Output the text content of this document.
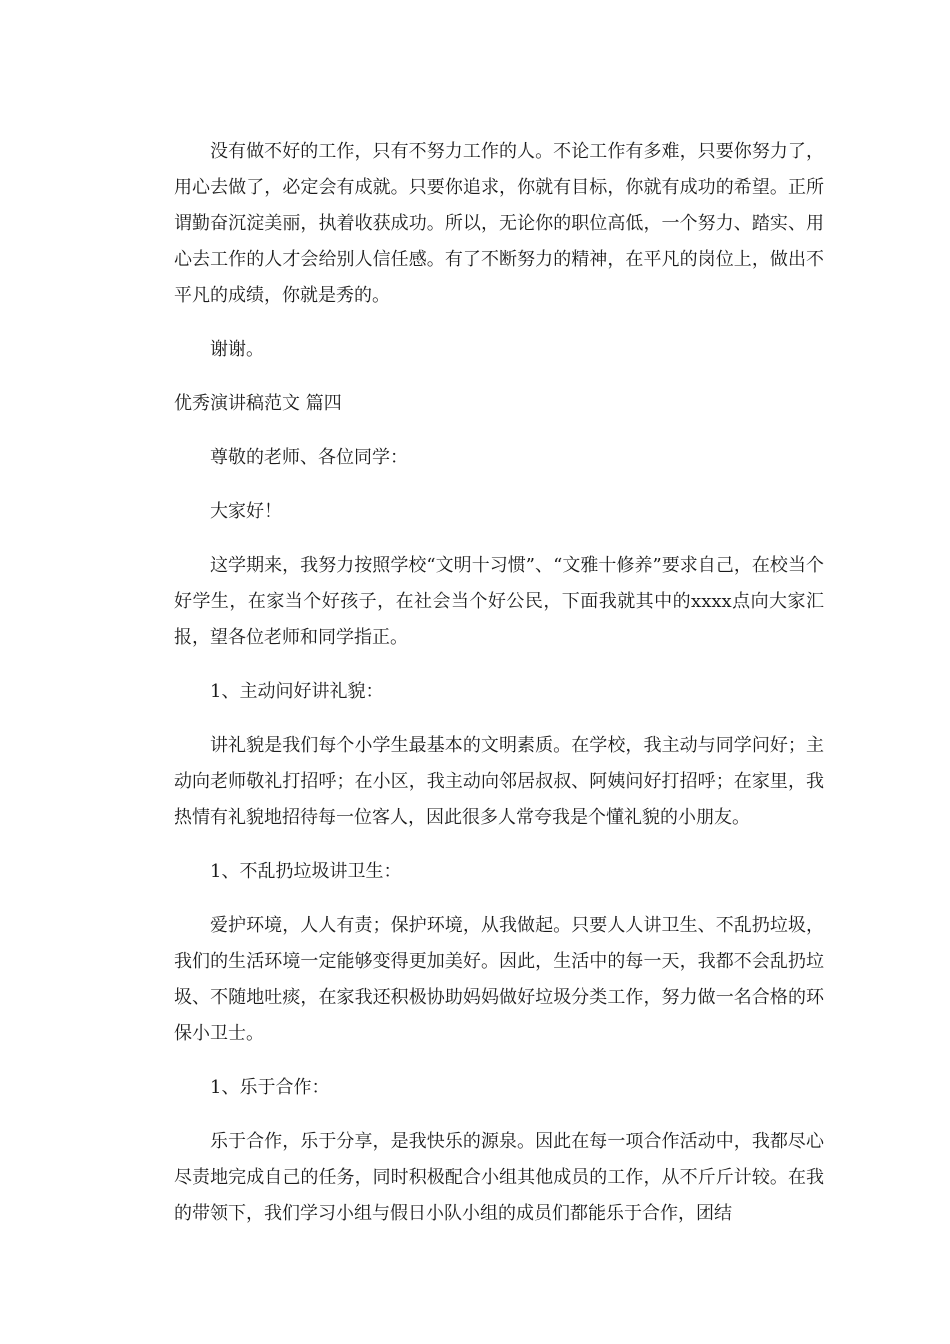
没有做不好的工作，只有不努力工作的人。不论工作有多难，只要你努力了，用心去做了，必定会有成就。只要你追求，你就有目标，你就有成功的希望。正所谓勤奋沉淀美丽，执着收获成功。所以，无论你的职位高低，一个努力、踏实、用心去工作的人才会给别人信任感。有了不断努力的精神，在平凡的岗位上，做出不平凡的成绩，你就是秀的。

谢谢。

优秀演讲稿范文 篇四

尊敬的老师、各位同学：

大家好！

这学期来，我努力按照学校“文明十习惯”、“文雅十修养”要求自己，在校当个好学生，在家当个好孩子，在社会当个好公民，下面我就其中的xxxx点向大家汇报，望各位老师和同学指正。

1、主动问好讲礼貌：

讲礼貌是我们每个小学生最基本的文明素质。在学校，我主动与同学问好；主动向老师敬礼打招呼；在小区，我主动向邻居叔叔、阿姨问好打招呼；在家里，我热情有礼貌地招待每一位客人，因此很多人常夸我是个懂礼貌的小朋友。

1、不乱扔垃圾讲卫生：

爱护环境，人人有责；保护环境，从我做起。只要人人讲卫生、不乱扔垃圾，我们的生活环境一定能够变得更加美好。因此，生活中的每一天，我都不会乱扔垃圾、不随地吐痰，在家我还积极协助妈妈做好垃圾分类工作，努力做一名合格的环保小卫士。

1、乐于合作：

乐于合作，乐于分享，是我快乐的源泉。因此在每一项合作活动中，我都尽心尽责地完成自己的任务，同时积极配合小组其他成员的工作，从不斤斤计较。在我的带领下，我们学习小组与假日小队小组的成员们都能乐于合作，团结
